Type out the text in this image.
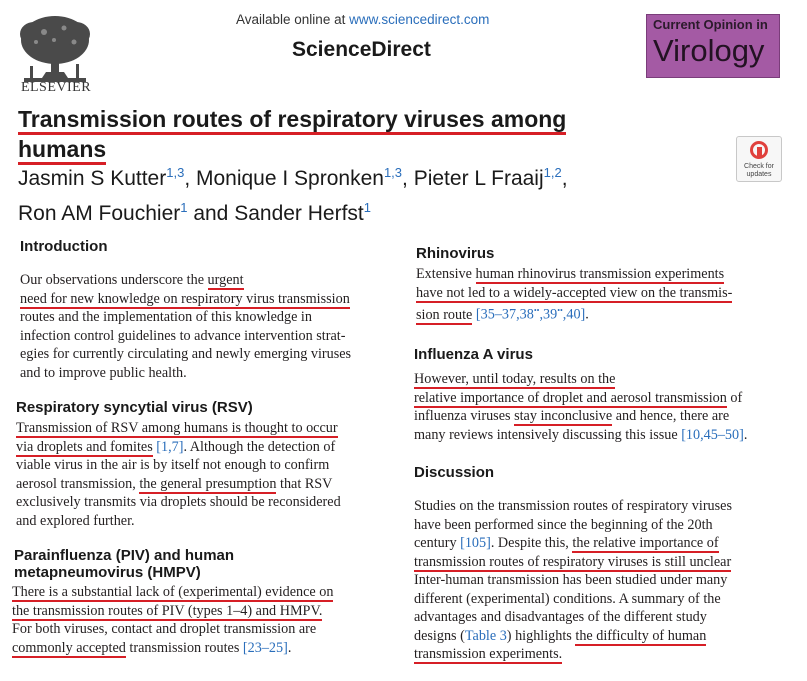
ELSEVIER
Available online at www.sciencedirect.com
ScienceDirect
Current Opinion in
Virology
Transmission routes of respiratory viruses among
humans
Jasmin S Kutter$^{1,3}$, Monique I Spronken$^{1,3}$, Pieter L Fraaij$^{1,2}$,
Ron AM Fouchier$^1$ and Sander Herfst$^1$
Check for updates
Introduction
Our observations underscore the urgent
need for new knowledge on respiratory virus transmission
routes and the implementation of this knowledge in
infection control guidelines to advance intervention strat-
egies for currently circulating and newly emerging viruses
and to improve public health.
Respiratory syncytial virus (RSV)
Transmission of RSV among humans is thought to occur
via droplets and fomites [1,7]. Although the detection of
viable virus in the air is by itself not enough to confirm
aerosol transmission, the general presumption that RSV
exclusively transmits via droplets should be reconsidered
and explored further.
Parainfluenza (PIV) and human
metapneumovirus (HMPV)
There is a substantial lack of (experimental) evidence on
the transmission routes of PIV (types 1–4) and HMPV.
For both viruses, contact and droplet transmission are
commonly accepted transmission routes [23–25].
Rhinovirus
Extensive human rhinovirus transmission experiments
have not led to a widely-accepted view on the transmis-
sion route [35–37,38••,39••,40].
Influenza A virus
However, until today, results on the
relative importance of droplet and aerosol transmission of
influenza viruses stay inconclusive and hence, there are
many reviews intensively discussing this issue [10,45–50].
Discussion
Studies on the transmission routes of respiratory viruses
have been performed since the beginning of the 20th
century [105]. Despite this, the relative importance of
transmission routes of respiratory viruses is still unclear
Inter-human transmission has been studied under many
different (experimental) conditions. A summary of the
advantages and disadvantages of the different study
designs (Table 3) highlights the difficulty of human
transmission experiments.
